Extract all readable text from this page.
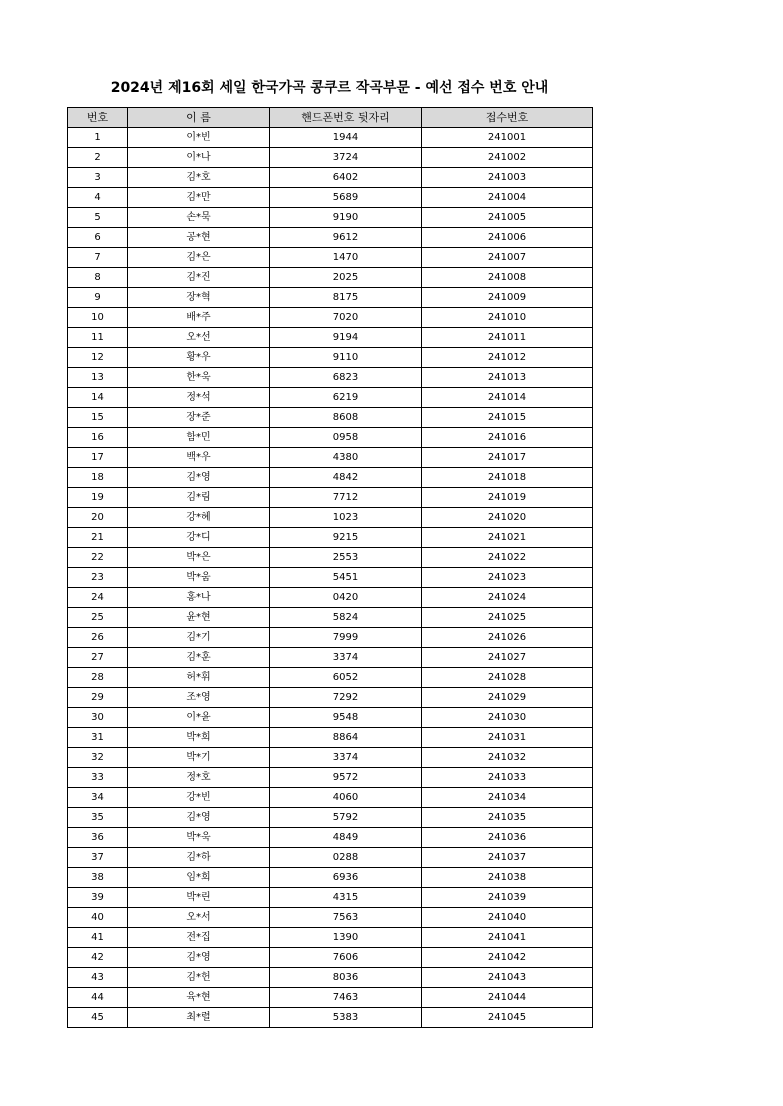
2024년 제16회 세일 한국가곡 콩쿠르 작곡부문 - 예선 접수 번호 안내
번호	이 름	핸드폰번호 뒷자리	접수번호
1	이*빈	1944	241001
2	이*나	3724	241002
3	김*호	6402	241003
4	김*만	5689	241004
5	손*묵	9190	241005
6	공*현	9612	241006
7	김*은	1470	241007
8	김*진	2025	241008
9	장*혁	8175	241009
10	배*주	7020	241010
11	오*선	9194	241011
12	황*우	9110	241012
13	한*욱	6823	241013
14	정*석	6219	241014
15	장*준	8608	241015
16	함*민	0958	241016
17	백*우	4380	241017
18	김*영	4842	241018
19	김*림	7712	241019
20	강*혜	1023	241020
21	강*디	9215	241021
22	박*은	2553	241022
23	박*움	5451	241023
24	홍*나	0420	241024
25	윤*현	5824	241025
26	김*기	7999	241026
27	김*훈	3374	241027
28	허*휘	6052	241028
29	조*영	7292	241029
30	이*윤	9548	241030
31	박*희	8864	241031
32	박*기	3374	241032
33	정*호	9572	241033
34	강*빈	4060	241034
35	김*영	5792	241035
36	박*욱	4849	241036
37	김*하	0288	241037
38	임*희	6936	241038
39	박*린	4315	241039
40	오*서	7563	241040
41	전*집	1390	241041
42	김*영	7606	241042
43	김*헌	8036	241043
44	육*현	7463	241044
45	최*렬	5383	241045
